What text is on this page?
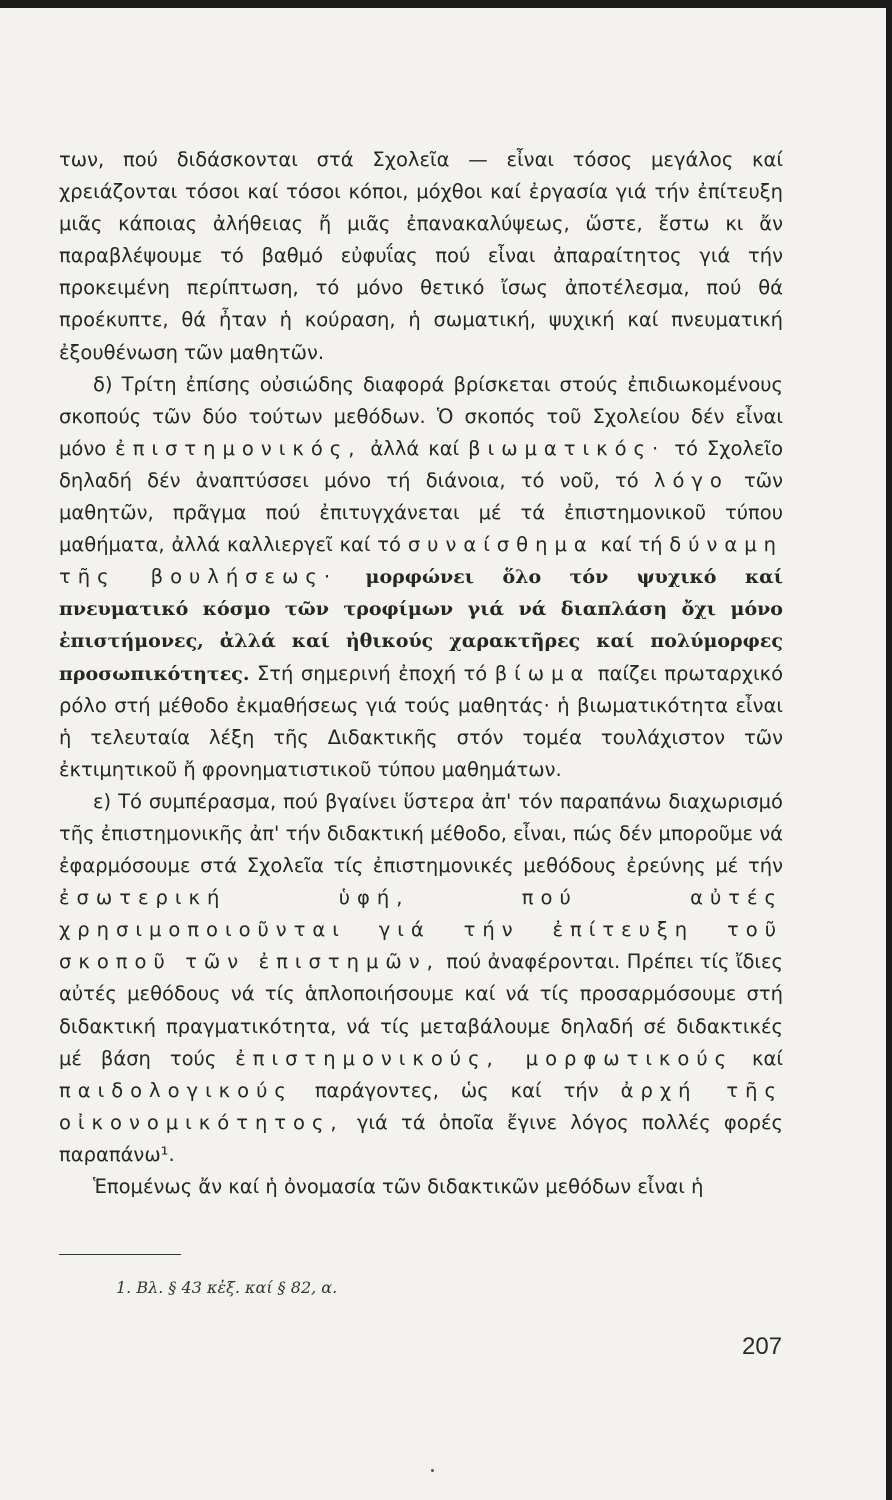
των, πού διδάσκονται στά Σχολεῖα — εἶναι τόσος μεγάλος καί χρειάζονται τόσοι καί τόσοι κόποι, μόχθοι καί ἐργασία γιά τήν ἐπίτευξη μιᾶς κάποιας ἀλήθειας ἤ μιᾶς ἐπανακαλύψεως, ὥστε, ἔστω κι ἄν παραβλέψουμε τό βαθμό εὐφυΐας πού εἶναι ἀπαραίτητος γιά τήν προκειμένη περίπτωση, τό μόνο θετικό ἴσως ἀποτέλεσμα, πού θά προέκυπτε, θά ἦταν ἡ κούραση, ἡ σωματική, ψυχική καί πνευματική ἐξουθένωση τῶν μαθητῶν.

δ) Τρίτη ἐπίσης οὐσιώδης διαφορά βρίσκεται στούς ἐπιδιωκομένους σκοπούς τῶν δύο τούτων μεθόδων. Ὁ σκοπός τοῦ Σχολείου δέν εἶναι μόνο ἐπιστημονικός, ἀλλά καί βιωματικός· τό Σχολεῖο δηλαδή δέν ἀναπτύσσει μόνο τή διάνοια, τό νοῦ, τό λόγο τῶν μαθητῶν, πρᾶγμα πού ἐπιτυγχάνεται μέ τά ἐπιστημονικοῦ τύπου μαθήματα, ἀλλά καλλιεργεῖ καί τό συναίσθημα καί τή δύναμη τῆς βουλήσεως· μορφώνει ὅλο τόν ψυχικό καί πνευματικό κόσμο τῶν τροφίμων γιά νά διαπλάση ὄχι μόνο ἐπιστήμονες, ἀλλά καί ἠθικούς χαρακτῆρες καί πολύμορφες προσωπικότητες. Στή σημερινή ἐποχή τό βίωμα παίζει πρωταρχικό ρόλο στή μέθοδο ἐκμαθήσεως γιά τούς μαθητάς· ἡ βιωματικότητα εἶναι ἡ τελευταία λέξη τῆς Διδακτικῆς στόν τομέα τουλάχιστον τῶν ἐκτιμητικοῦ ἤ φρονηματιστικοῦ τύπου μαθημάτων.

ε) Τό συμπέρασμα, πού βγαίνει ὕστερα ἀπ' τόν παραπάνω διαχωρισμό τῆς ἐπιστημονικῆς ἀπ' τήν διδακτική μέθοδο, εἶναι, πώς δέν μποροῦμε νά ἐφαρμόσουμε στά Σχολεῖα τίς ἐπιστημονικές μεθόδους ἐρεύνης μέ τήν ἐσωτερική ὑφή, πού αὐτές χρησιμοποιοῦνται γιά τήν ἐπίτευξη τοῦ σκοποῦ τῶν ἐπιστημῶν, πού ἀναφέρονται. Πρέπει τίς ἴδιες αὐτές μεθόδους νά τίς ἁπλοποιήσουμε καί νά τίς προσαρμόσουμε στή διδακτική πραγματικότητα, νά τίς μεταβάλουμε δηλαδή σέ διδακτικές μέ βάση τούς ἐπιστημονικούς, μορφωτικούς καί παιδολογικούς παράγοντες, ὡς καί τήν ἀρχή τῆς οἰκονομικότητος, γιά τά ὁποῖα ἔγινε λόγος πολλές φορές παραπάνω¹.

Ἑπομένως ἄν καί ἡ ὀνομασία τῶν διδακτικῶν μεθόδων εἶναι ἡ

1. Βλ. § 43 κἑξ. καί § 82, α.
207
